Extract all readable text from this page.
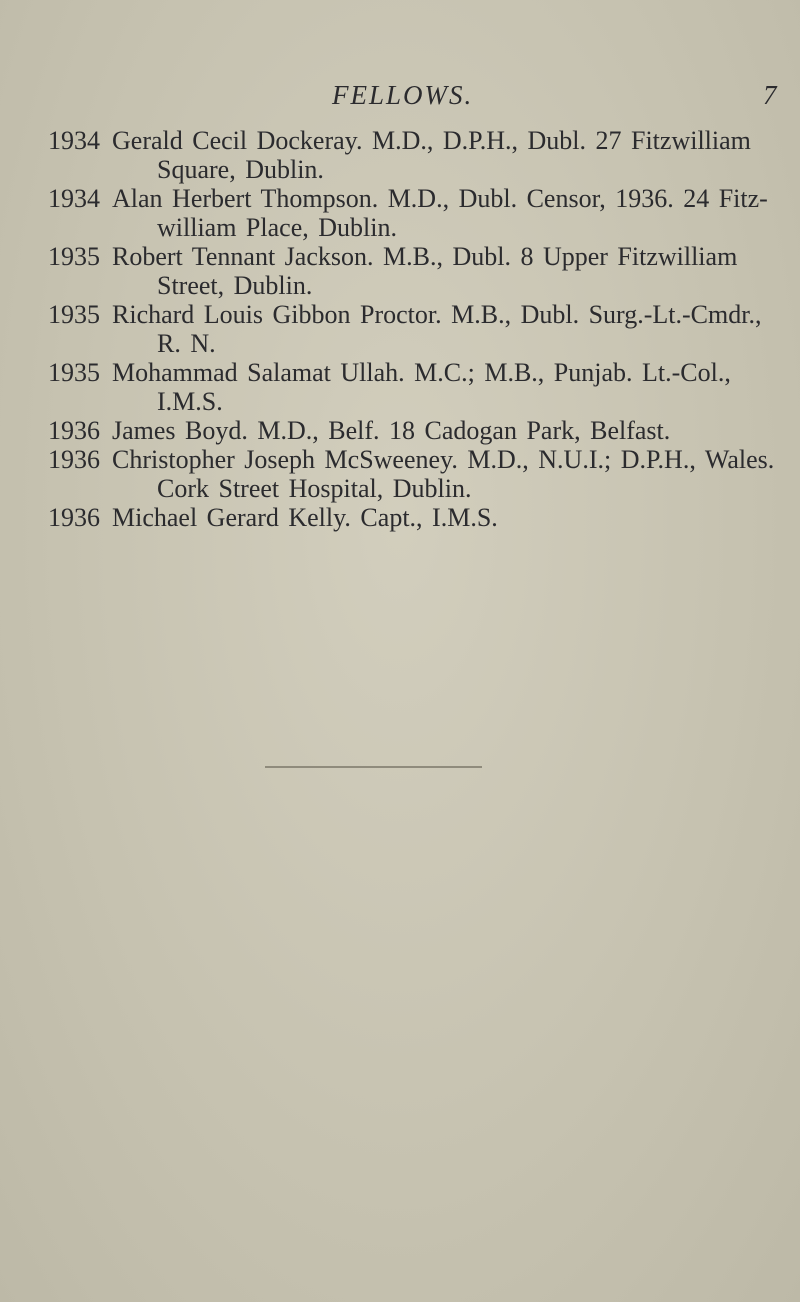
FELLOWS.	7
1934 Gerald Cecil Dockeray. M.D., D.P.H., Dubl. 27 Fitzwilliam
Square, Dublin.
1934 Alan Herbert Thompson. M.D., Dubl. Censor, 1936. 24 Fitz-
william Place, Dublin.
1935 Robert Tennant Jackson. M.B., Dubl. 8 Upper Fitzwilliam
Street, Dublin.
1935 Richard Louis Gibbon Proctor. M.B., Dubl. Surg.-Lt.-Cmdr.,
R. N.
1935 Mohammad Salamat Ullah. M.C.; M.B., Punjab. Lt.-Col.,
I.M.S.
1936 James Boyd. M.D., Belf. 18 Cadogan Park, Belfast.
1936 Christopher Joseph McSweeney. M.D., N.U.I.; D.P.H., Wales.
Cork Street Hospital, Dublin.
1936 Michael Gerard Kelly. Capt., I.M.S.
